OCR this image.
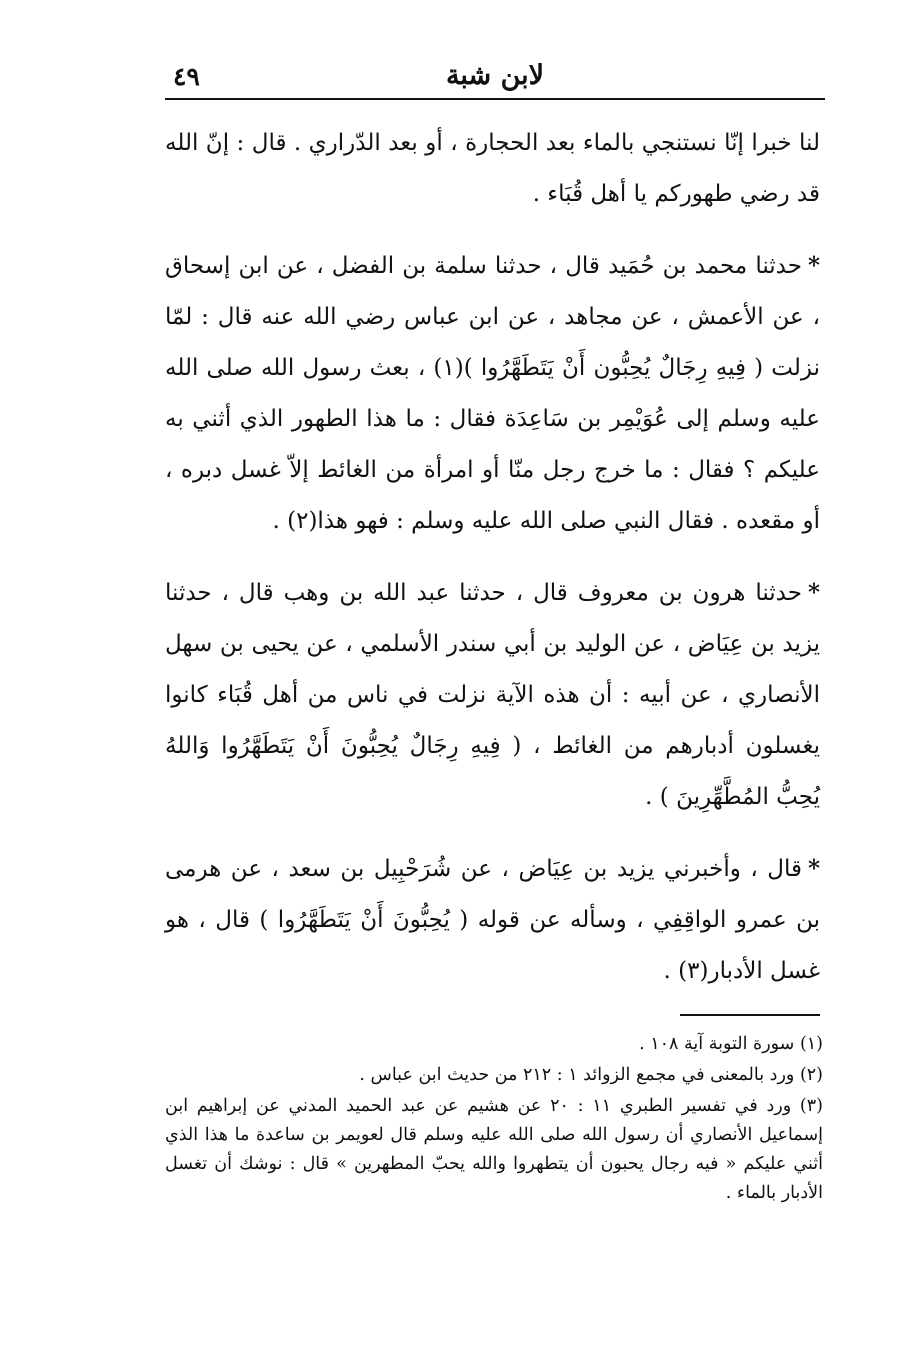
٤٩	لابن شبة

لنا خبرا إنّا نستنجي بالماء بعد الحجارة ، أو بعد الدّراري . قال : إنّ الله قد رضي طهوركم يا أهل قُبَاء .

*حدثنا محمد بن حُمَيد قال ، حدثنا سلمة بن الفضل ، عن ابن إسحاق ، عن الأعمش ، عن مجاهد ، عن ابن عباس رضي الله عنه قال : لمّا نزلت ( فِيهِ رِجَالٌ يُحِبُّون أَنْ يَتَطَهَّرُوا )(١) ، بعث رسول الله صلى الله عليه وسلم إلى عُوَيْمِر بن سَاعِدَة فقال : ما هذا الطهور الذي أثني به عليكم ؟ فقال : ما خرج رجل منّا أو امرأة من الغائط إلاّ غسل دبره ، أو مقعده . فقال النبي صلى الله عليه وسلم : فهو هذا(٢) .

*حدثنا هرون بن معروف قال ، حدثنا عبد الله بن وهب قال ، حدثنا يزيد بن عِيَاض ، عن الوليد بن أبي سندر الأسلمي ، عن يحيى بن سهل الأنصاري ، عن أبيه : أن هذه الآية نزلت في ناس من أهل قُبَاء كانوا يغسلون أدبارهم من الغائط ، ( فِيهِ رِجَالٌ يُحِبُّونَ أَنْ يَتَطَهَّرُوا وَاللهُ يُحِبُّ المُطَّهِّرِينَ ) .

*قال ، وأخبرني يزيد بن عِيَاض ، عن شُرَحْبِيل بن سعد ، عن هرمى بن عمرو الواقِفِي ، وسأله عن قوله ( يُحِبُّونَ أَنْ يَتَطَهَّرُوا ) قال ، هو غسل الأدبار(٣) .

(١) سورة التوبة آية ١٠٨ .

(٢) ورد بالمعنى في مجمع الزوائد ١ : ٢١٢ من حديث ابن عباس .

(٣) ورد في تفسير الطبري ١١ : ٢٠ عن هشيم عن عبد الحميد المدني عن إبراهيم ابن إسماعيل الأنصاري أن رسول الله صلى الله عليه وسلم قال لعويمر بن ساعدة ما هذا الذي أثني عليكم « فيه رجال يحبون أن يتطهروا والله يحبّ المطهرين » قال : نوشك أن تغسل الأدبار بالماء .
